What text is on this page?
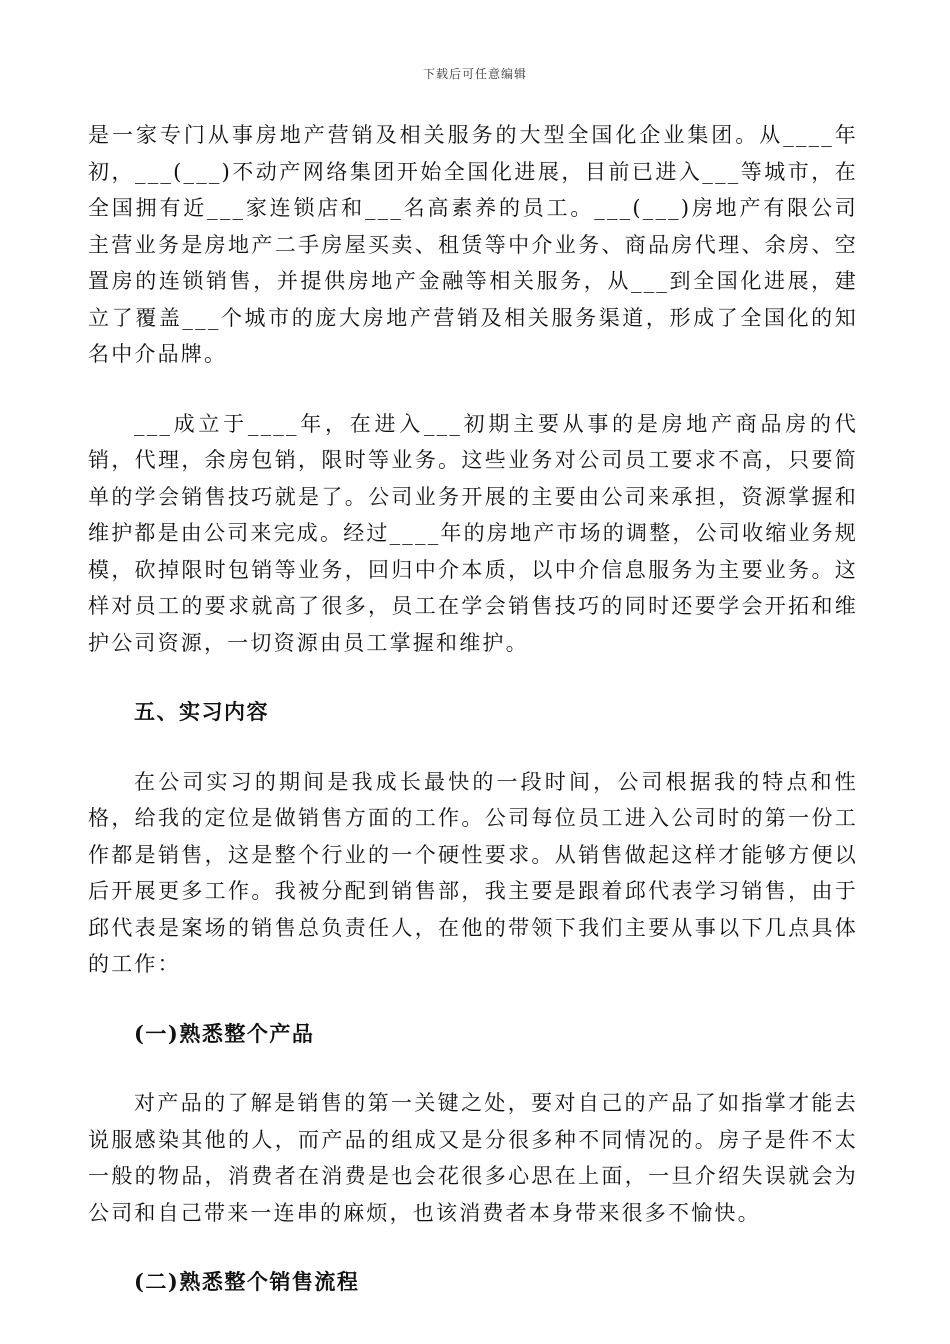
下载后可任意编辑

是一家专门从事房地产营销及相关服务的大型全国化企业集团。从____年初，___(___)不动产网络集团开始全国化进展，目前已进入___等城市，在全国拥有近___家连锁店和___名高素养的员工。___(___)房地产有限公司主营业务是房地产二手房屋买卖、租赁等中介业务、商品房代理、余房、空置房的连锁销售，并提供房地产金融等相关服务，从___到全国化进展，建立了覆盖___个城市的庞大房地产营销及相关服务渠道，形成了全国化的知名中介品牌。

___成立于____年，在进入___初期主要从事的是房地产商品房的代销，代理，余房包销，限时等业务。这些业务对公司员工要求不高，只要简单的学会销售技巧就是了。公司业务开展的主要由公司来承担，资源掌握和维护都是由公司来完成。经过____年的房地产市场的调整，公司收缩业务规模，砍掉限时包销等业务，回归中介本质，以中介信息服务为主要业务。这样对员工的要求就高了很多，员工在学会销售技巧的同时还要学会开拓和维护公司资源，一切资源由员工掌握和维护。

五、实习内容

在公司实习的期间是我成长最快的一段时间，公司根据我的特点和性格，给我的定位是做销售方面的工作。公司每位员工进入公司时的第一份工作都是销售，这是整个行业的一个硬性要求。从销售做起这样才能够方便以后开展更多工作。我被分配到销售部，我主要是跟着邱代表学习销售，由于邱代表是案场的销售总负责任人，在他的带领下我们主要从事以下几点具体的工作：

(一)熟悉整个产品

对产品的了解是销售的第一关键之处，要对自己的产品了如指掌才能去说服感染其他的人，而产品的组成又是分很多种不同情况的。房子是件不太一般的物品，消费者在消费是也会花很多心思在上面，一旦介绍失误就会为公司和自己带来一连串的麻烦，也该消费者本身带来很多不愉快。

(二)熟悉整个销售流程
